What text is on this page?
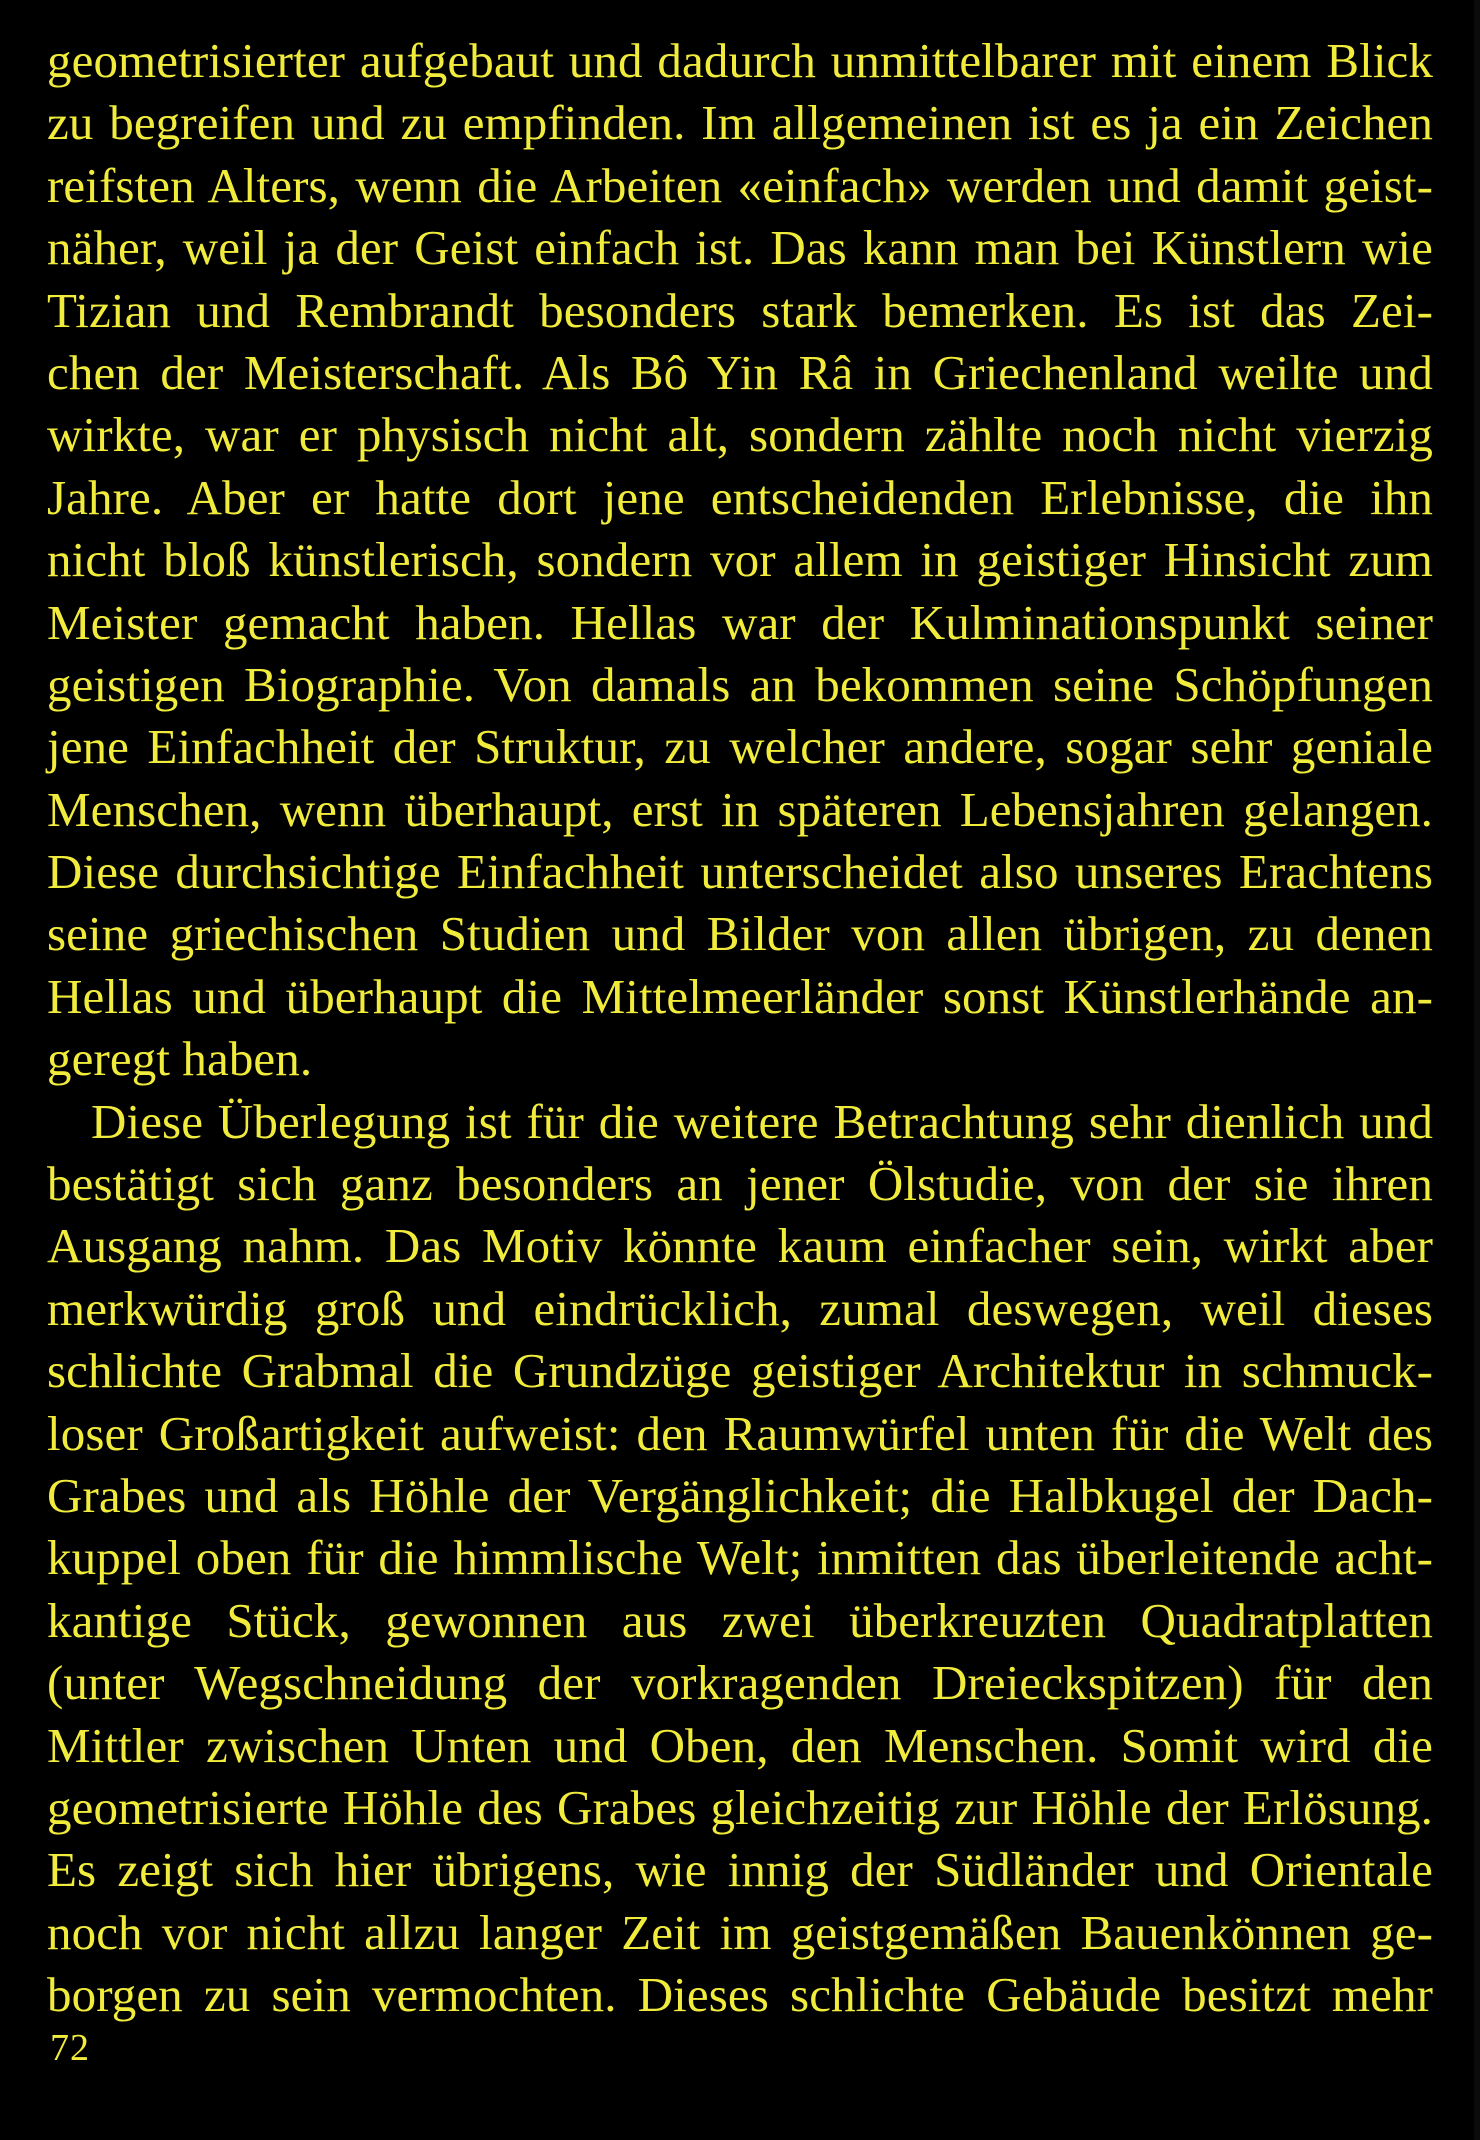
geometrisierter aufgebaut und dadurch unmittelbarer mit einem Blick
zu begreifen und zu empfinden. Im allgemeinen ist es ja ein Zeichen
reifsten Alters, wenn die Arbeiten «einfach» werden und damit geist-
näher, weil ja der Geist einfach ist. Das kann man bei Künstlern wie
Tizian und Rembrandt besonders stark bemerken. Es ist das Zei-
chen der Meisterschaft. Als Bô Yin Râ in Griechenland weilte und
wirkte, war er physisch nicht alt, sondern zählte noch nicht vierzig
Jahre. Aber er hatte dort jene entscheidenden Erlebnisse, die ihn
nicht bloß künstlerisch, sondern vor allem in geistiger Hinsicht zum
Meister gemacht haben. Hellas war der Kulminationspunkt seiner
geistigen Biographie. Von damals an bekommen seine Schöpfungen
jene Einfachheit der Struktur, zu welcher andere, sogar sehr geniale
Menschen, wenn überhaupt, erst in späteren Lebensjahren gelangen.
Diese durchsichtige Einfachheit unterscheidet also unseres Erachtens
seine griechischen Studien und Bilder von allen übrigen, zu denen
Hellas und überhaupt die Mittelmeerländer sonst Künstlerhände an-
geregt haben.
Diese Überlegung ist für die weitere Betrachtung sehr dienlich und
bestätigt sich ganz besonders an jener Ölstudie, von der sie ihren
Ausgang nahm. Das Motiv könnte kaum einfacher sein, wirkt aber
merkwürdig groß und eindrücklich, zumal deswegen, weil dieses
schlichte Grabmal die Grundzüge geistiger Architektur in schmuck-
loser Großartigkeit aufweist: den Raumwürfel unten für die Welt des
Grabes und als Höhle der Vergänglichkeit; die Halbkugel der Dach-
kuppel oben für die himmlische Welt; inmitten das überleitende acht-
kantige Stück, gewonnen aus zwei überkreuzten Quadratplatten
(unter Wegschneidung der vorkragenden Dreieckspitzen) für den
Mittler zwischen Unten und Oben, den Menschen. Somit wird die
geometrisierte Höhle des Grabes gleichzeitig zur Höhle der Erlösung.
Es zeigt sich hier übrigens, wie innig der Südländer und Orientale
noch vor nicht allzu langer Zeit im geistgemäßen Bauenkönnen ge-
borgen zu sein vermochten. Dieses schlichte Gebäude besitzt mehr
72
